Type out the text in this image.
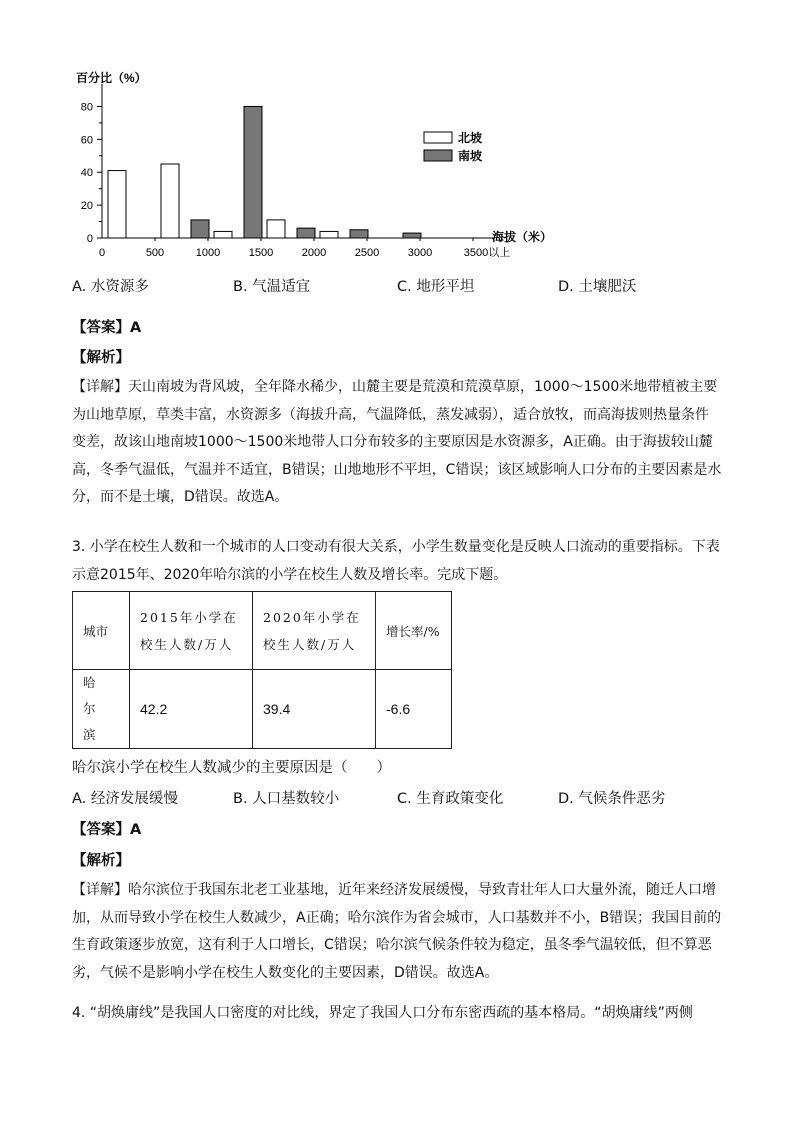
百分比（%）
0
20
40
60
80
0	500	1000	1500	2000	2500	3000	3500以上
北坡
南坡
海拔（米）
A. 水资源多	B. 气温适宜	C. 地形平坦	D. 土壤肥沃
【答案】A
【解析】
【详解】天山南坡为背风坡，全年降水稀少，山麓主要是荒漠和荒漠草原，1000～1500米地带植被主要为山地草原，草类丰富，水资源多（海拔升高，气温降低，蒸发减弱），适合放牧，而高海拔则热量条件变差，故该山地南坡1000～1500米地带人口分布较多的主要原因是水资源多，A正确。由于海拔较山麓高，冬季气温低，气温并不适宜，B错误；山地地形不平坦，C错误；该区域影响人口分布的主要因素是水分，而不是土壤，D错误。故选A。
3. 小学在校生人数和一个城市的人口变动有很大关系，小学生数量变化是反映人口流动的重要指标。下表示意2015年、2020年哈尔滨的小学在校生人数及增长率。完成下题。
城市	2015年小学在校生人数/万人	2020年小学在校生人数/万人	增长率/%
哈尔滨	42.2	39.4	-6.6
哈尔滨小学在校生人数减少的主要原因是（　　）
A. 经济发展缓慢	B. 人口基数较小	C. 生育政策变化	D. 气候条件恶劣
【答案】A
【解析】
【详解】哈尔滨位于我国东北老工业基地，近年来经济发展缓慢，导致青壮年人口大量外流，随迁人口增加，从而导致小学在校生人数减少，A正确；哈尔滨作为省会城市，人口基数并不小，B错误；我国目前的生育政策逐步放宽，这有利于人口增长，C错误；哈尔滨气候条件较为稳定，虽冬季气温较低，但不算恶劣，气候不是影响小学在校生人数变化的主要因素，D错误。故选A。
4. “胡焕庸线”是我国人口密度的对比线，界定了我国人口分布东密西疏的基本格局。“胡焕庸线”两侧
